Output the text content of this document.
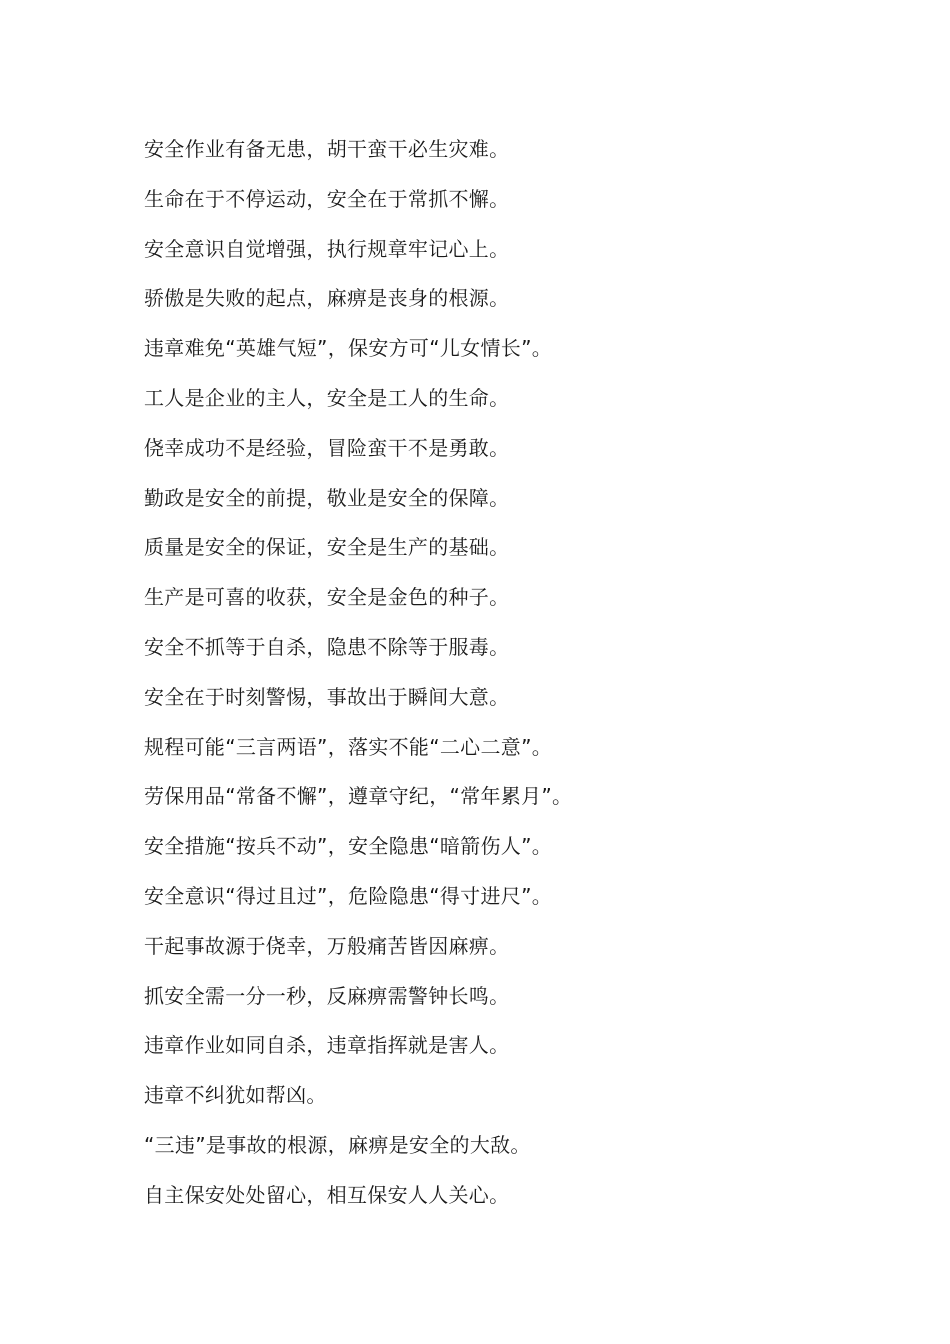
安全作业有备无患，胡干蛮干必生灾难。
生命在于不停运动，安全在于常抓不懈。
安全意识自觉增强，执行规章牢记心上。
骄傲是失败的起点，麻痹是丧身的根源。
违章难免“英雄气短”，保安方可“儿女情长”。
工人是企业的主人，安全是工人的生命。
侥幸成功不是经验，冒险蛮干不是勇敢。
勤政是安全的前提，敬业是安全的保障。
质量是安全的保证，安全是生产的基础。
生产是可喜的收获，安全是金色的种子。
安全不抓等于自杀，隐患不除等于服毒。
安全在于时刻警惕，事故出于瞬间大意。
规程可能“三言两语”，落实不能“二心二意”。
劳保用品“常备不懈”，遵章守纪，“常年累月”。
安全措施“按兵不动”，安全隐患“暗箭伤人”。
安全意识“得过且过”，危险隐患“得寸进尺”。
干起事故源于侥幸，万般痛苦皆因麻痹。
抓安全需一分一秒，反麻痹需警钟长鸣。
违章作业如同自杀，违章指挥就是害人。
违章不纠犹如帮凶。
“三违”是事故的根源，麻痹是安全的大敌。
自主保安处处留心，相互保安人人关心。
